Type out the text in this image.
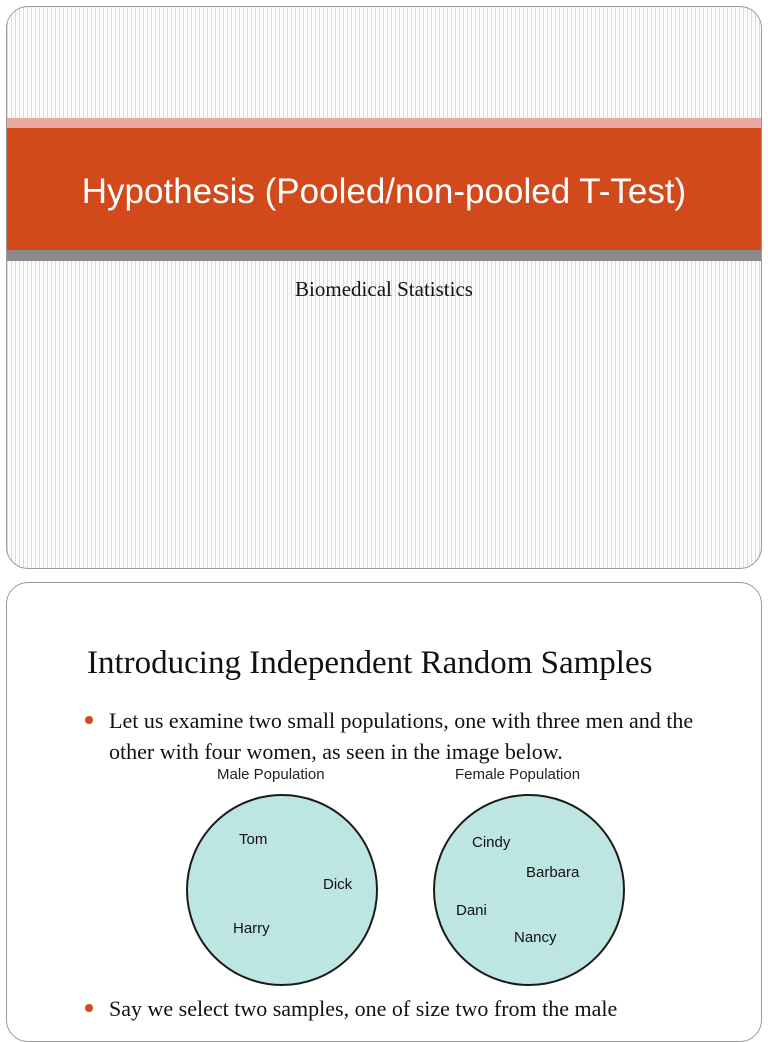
Hypothesis (Pooled/non-pooled T-Test)
Biomedical Statistics
Introducing Independent Random Samples
Let us examine two small populations, one with three men and the other with four women, as seen in the image below.
Male Population	Female Population
Tom
Dick
Harry
Cindy
Barbara
Dani
Nancy
Say we select two samples, one of size two from the male
